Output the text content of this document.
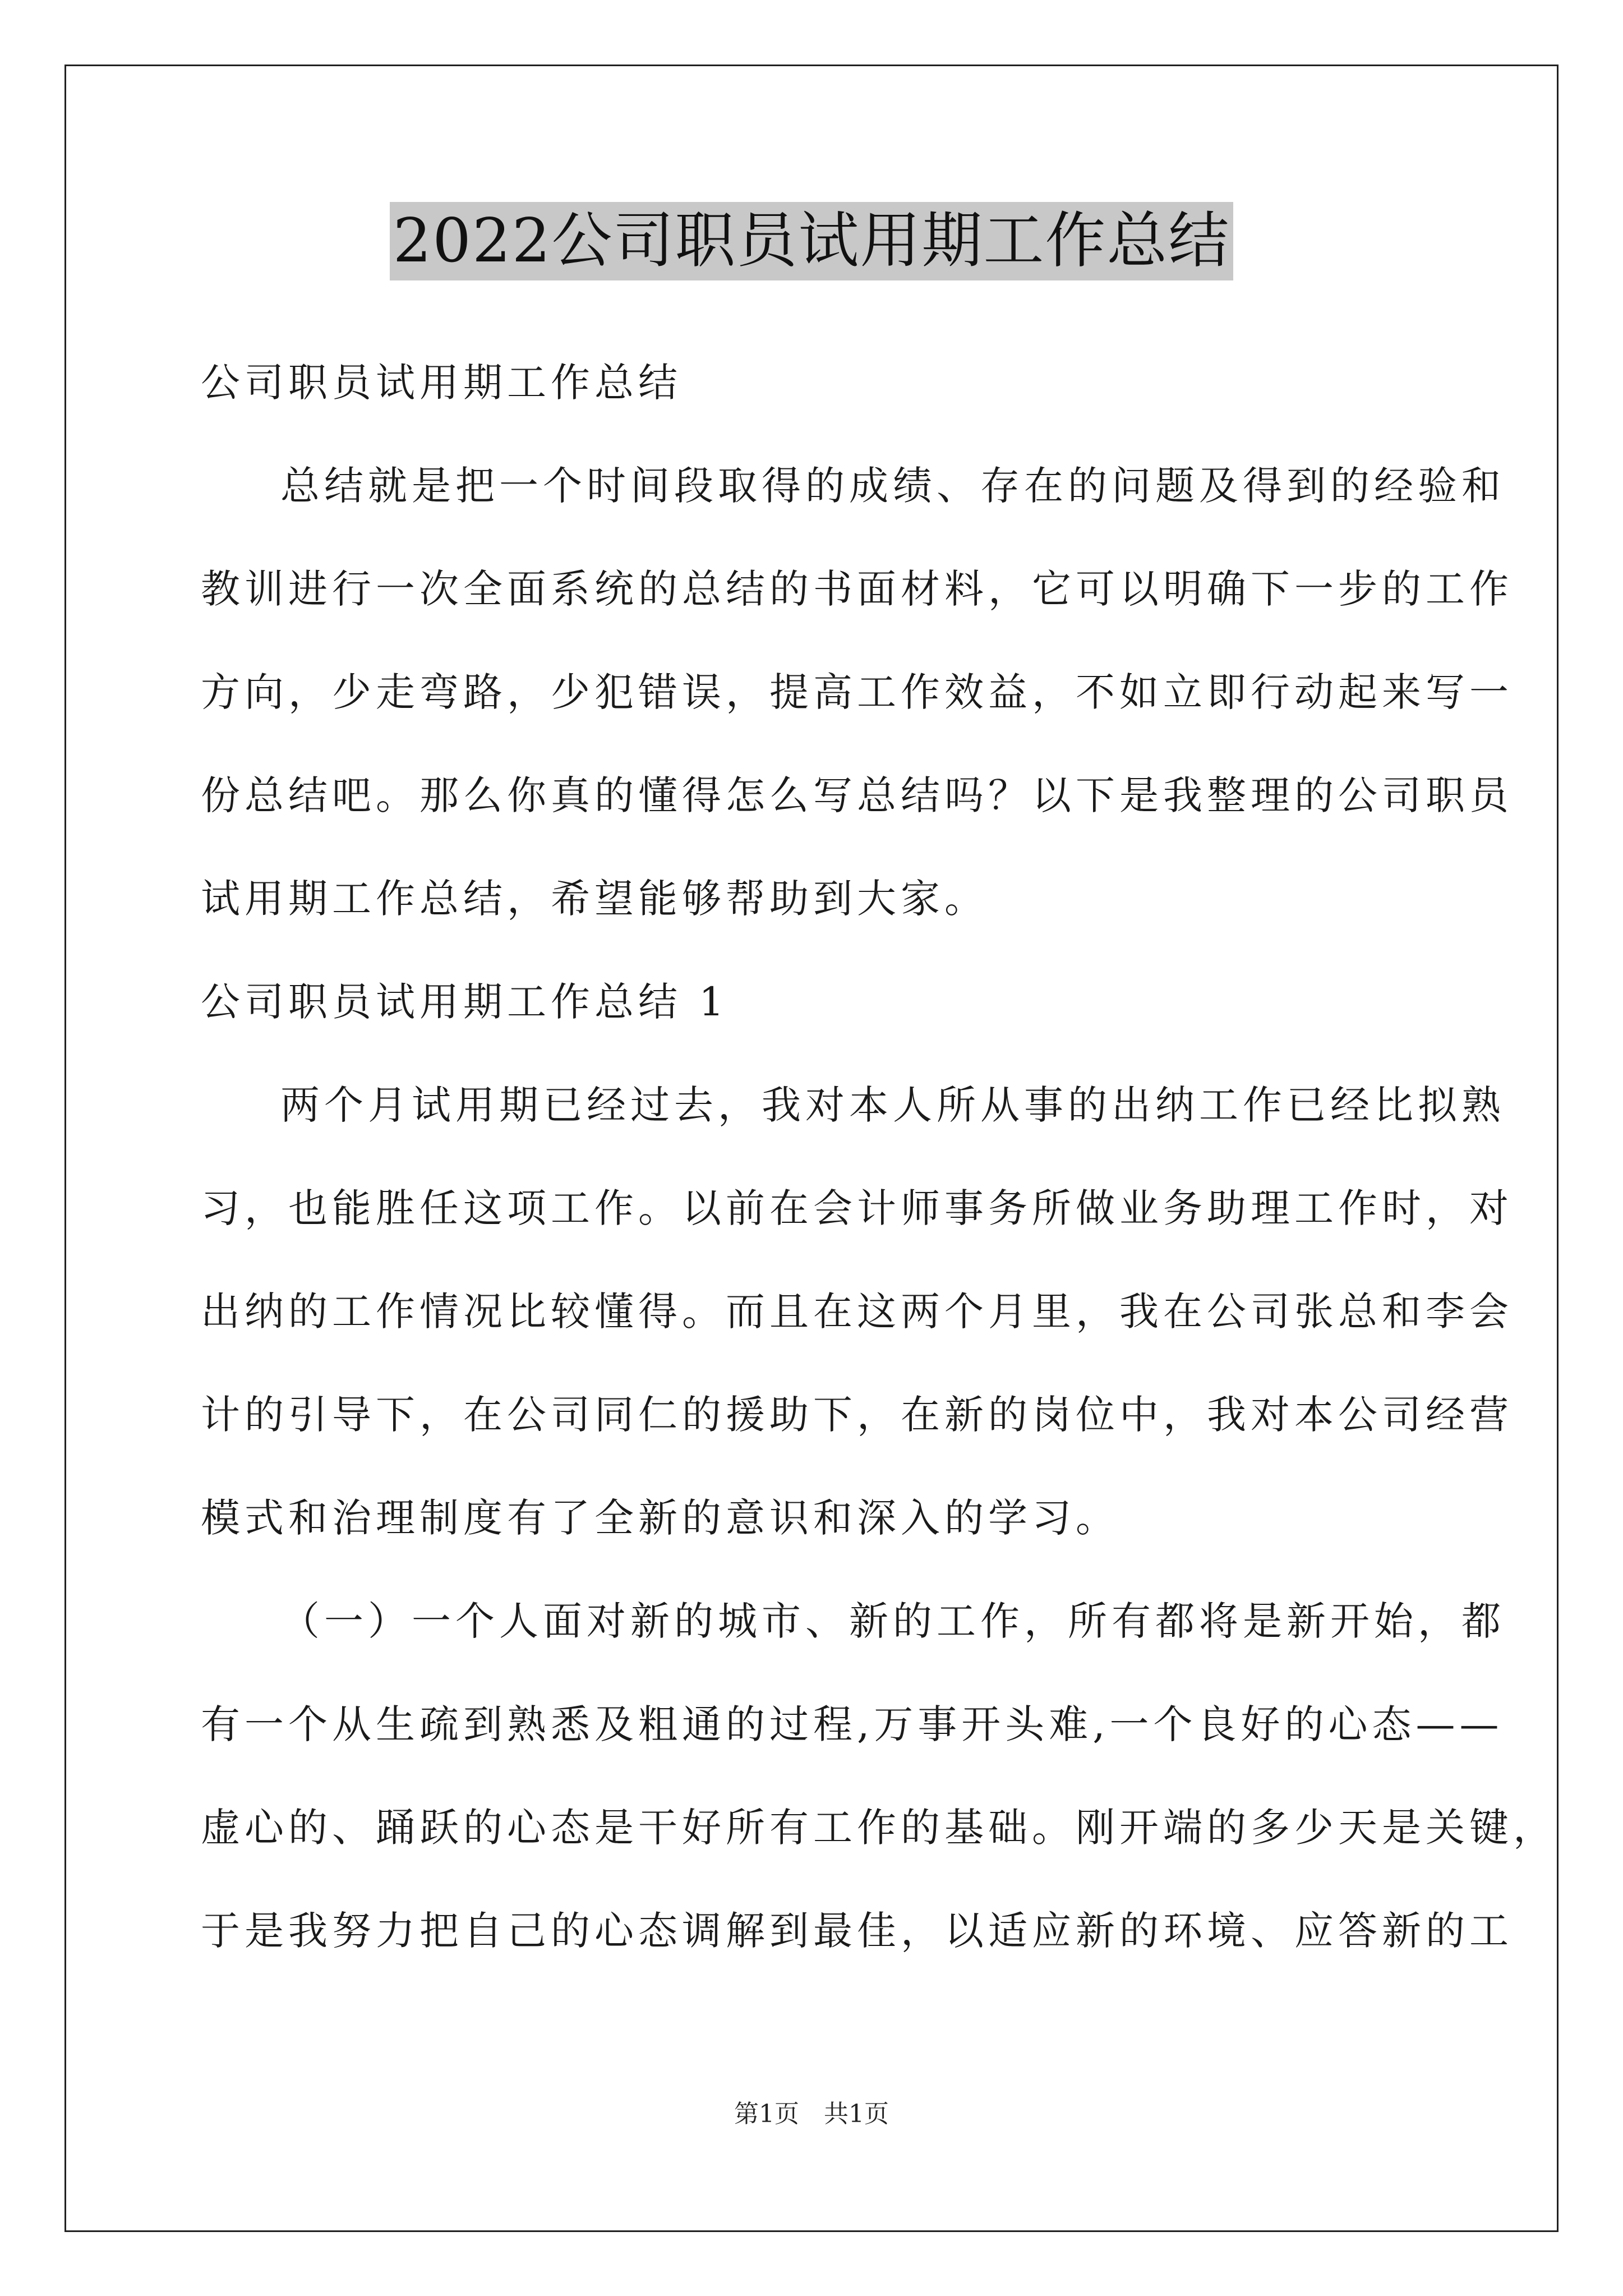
2022公司职员试用期工作总结
公司职员试用期工作总结
总结就是把一个时间段取得的成绩、存在的问题及得到的经验和
教训进行一次全面系统的总结的书面材料，它可以明确下一步的工作
方向，少走弯路，少犯错误，提高工作效益，不如立即行动起来写一
份总结吧。那么你真的懂得怎么写总结吗？以下是我整理的公司职员
试用期工作总结，希望能够帮助到大家。
公司职员试用期工作总结 1
两个月试用期已经过去，我对本人所从事的出纳工作已经比拟熟
习，也能胜任这项工作。以前在会计师事务所做业务助理工作时，对
出纳的工作情况比较懂得。而且在这两个月里，我在公司张总和李会
计的引导下，在公司同仁的援助下，在新的岗位中，我对本公司经营
模式和治理制度有了全新的意识和深入的学习。
（一）一个人面对新的城市、新的工作，所有都将是新开始，都
有一个从生疏到熟悉及粗通的过程,万事开头难,一个良好的心态——
虚心的、踊跃的心态是干好所有工作的基础。刚开端的多少天是关键，
于是我努力把自己的心态调解到最佳，以适应新的环境、应答新的工
第1页　共1页
